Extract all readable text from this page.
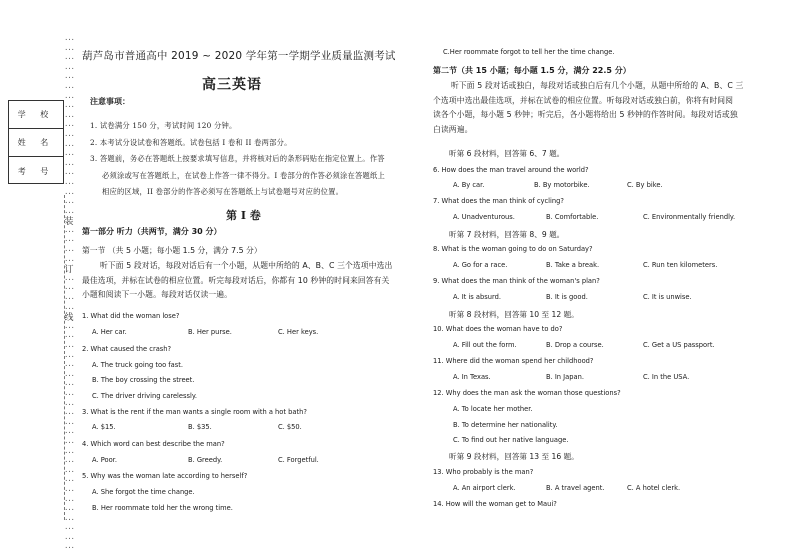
···
···
···
···
···
···
···
···
···
···
···
···
···
···
···
···
···
···
···
装
···
···
···
···
订
···
···
···
···
线
···
···
···
···
···
···
···
···
···
···
···
···
···
···
···
···
···
···
···
···
···
···
···
···
学 校
姓 名
考 号
葫芦岛市普通高中 2019 ~ 2020 学年第一学期学业质量监测考试
高三英语
注意事项：
1. 试卷满分 150 分，考试时间 120 分钟。
2. 本考试分设试卷和答题纸。试卷包括 I 卷和 II 卷两部分。
3. 答题前，务必在答题纸上按要求填写信息，并将核对后的条形码贴在指定位置上。作答
必须涂或写在答题纸上，在试卷上作答一律不得分。I 卷部分的作答必须涂在答题纸上
相应的区域，II 卷部分的作答必须写在答题纸上与试卷题号对应的位置。
第 I 卷
第一部分 听力（共两节，满分 30 分）
第一节 （共 5 小题；每小题 1.5 分，满分 7.5 分）
听下面 5 段对话，每段对话后有一个小题，从题中所给的 A、B、C 三个选项中选出
最佳选项，并标在试卷的相应位置。听完每段对话后，你都有 10 秒钟的时间来回答有关
小题和阅读下一小题。每段对话仅读一遍。
1. What did the woman lose?
A. Her car.	B. Her purse.	C. Her keys.
2. What caused the crash?
A. The truck going too fast.
B. The boy crossing the street.
C. The driver driving carelessly.
3. What is the rent if the man wants a single room with a hot bath?
A. $15.	B. $35.	C. $50.
4. Which word can best describe the man?
A. Poor.	B. Greedy.	C. Forgetful.
5. Why was the woman late according to herself?
A. She forgot the time change.
B. Her roommate told her the wrong time.
C.Her roommate forgot to tell her the time change.
第二节（共 15 小题；每小题 1.5 分，满分 22.5 分）
听下面 5 段对话或独白，每段对话或独白后有几个小题，从题中所给的 A、B、C 三
个选项中选出最佳选项，并标在试卷的相应位置。听每段对话或独白前，你将有时间阅
读各个小题，每小题 5 秒钟；听完后，各小题将给出 5 秒钟的作答时间。每段对话或独
白读两遍。
听第 6 段材料，回答第 6、7 题。
6. How does the man travel around the world?
A. By car.	B. By motorbike.	C. By bike.
7. What does the man think of cycling?
A. Unadventurous.	B. Comfortable.	C. Environmentally friendly.
听第 7 段材料，回答第 8、9 题。
8. What is the woman going to do on Saturday?
A. Go for a race.	B. Take a break.	C. Run ten kilometers.
9. What does the man think of the woman's plan?
A. It is absurd.	B. It is good.	C. It is unwise.
听第 8 段材料，回答第 10 至 12 题。
10. What does the woman have to do?
A. Fill out the form.	B. Drop a course.	C. Get a US passport.
11. Where did the woman spend her childhood?
A. In Texas.	B. In Japan.	C. In the USA.
12. Why does the man ask the woman those questions?
A. To locate her mother.
B. To determine her nationality.
C. To find out her native language.
听第 9 段材料，回答第 13 至 16 题。
13. Who probably is the man?
A. An airport clerk.	B. A travel agent.	C. A hotel clerk.
14. How will the woman get to Maui?
